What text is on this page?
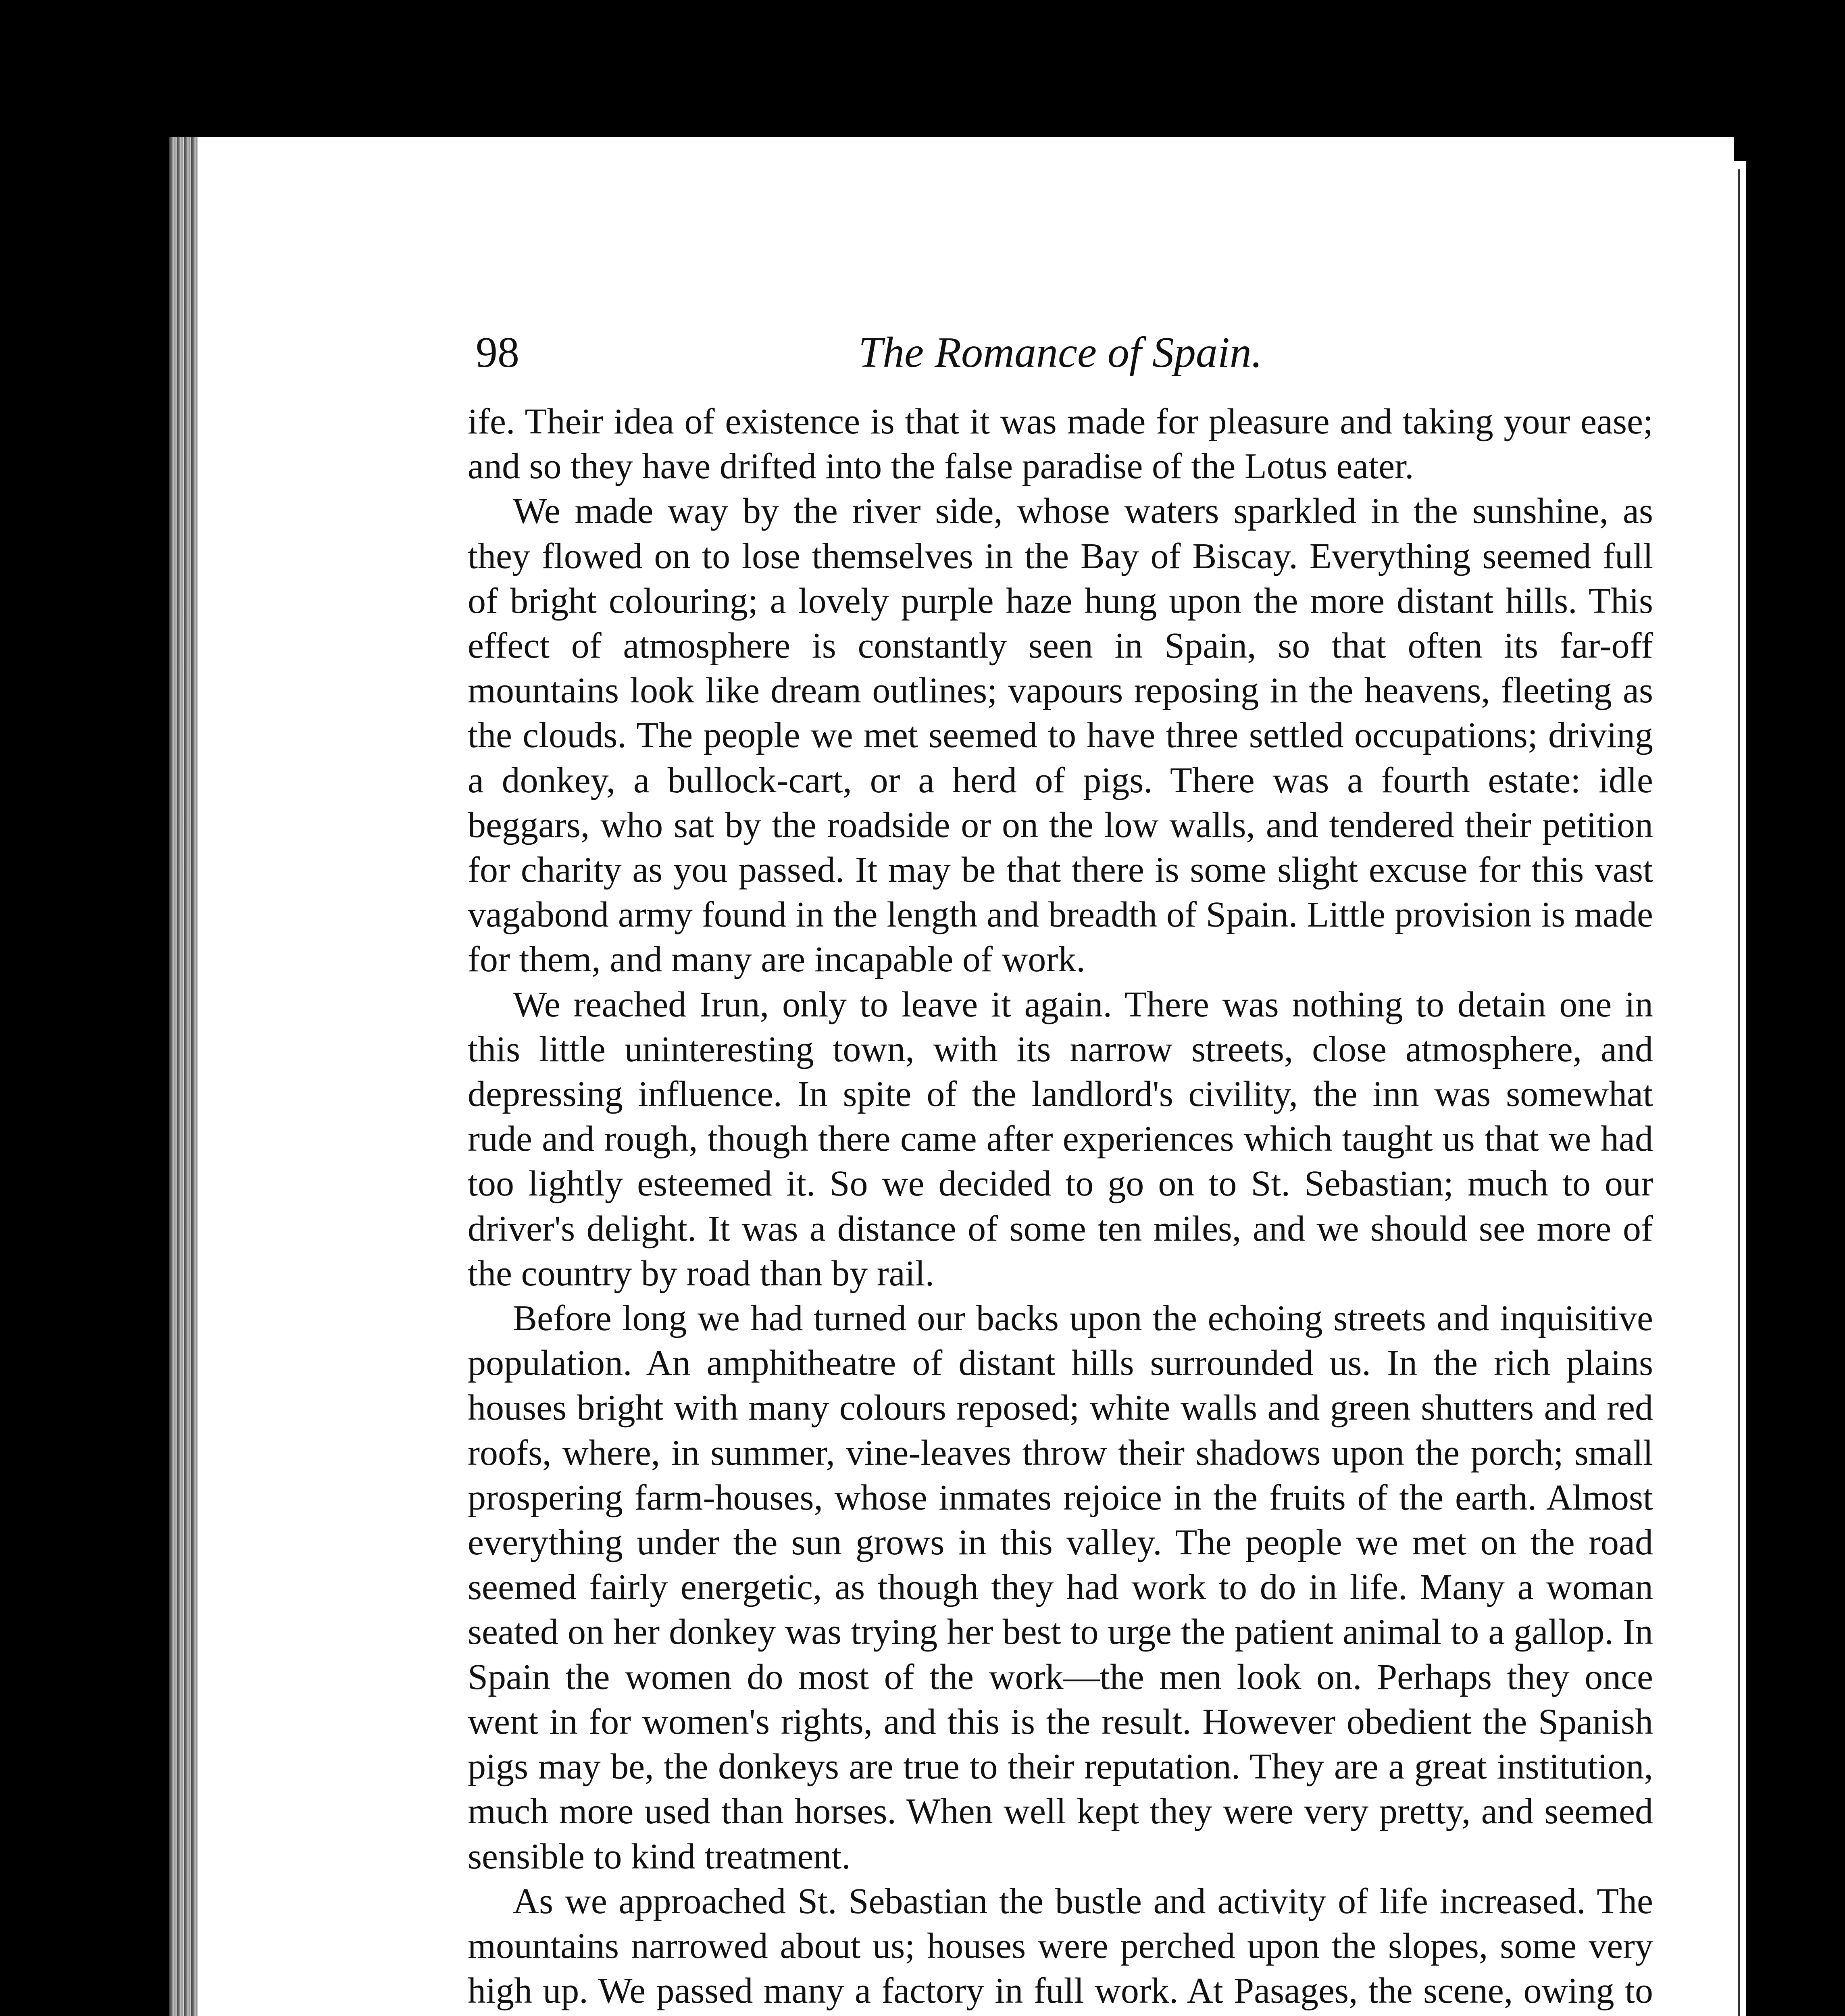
98	The Romance of Spain.

ife. Their idea of existence is that it was made for pleasure and taking your ease; and so they have drifted into the false paradise of the Lotus eater.

We made way by the river side, whose waters sparkled in the sunshine, as they flowed on to lose themselves in the Bay of Biscay. Everything seemed full of bright colouring; a lovely purple haze hung upon the more distant hills. This effect of atmosphere is constantly seen in Spain, so that often its far-off mountains look like dream outlines; vapours reposing in the heavens, fleeting as the clouds. The people we met seemed to have three settled occupations; driving a donkey, a bullock-cart, or a herd of pigs. There was a fourth estate: idle beggars, who sat by the roadside or on the low walls, and tendered their petition for charity as you passed. It may be that there is some slight excuse for this vast vagabond army found in the length and breadth of Spain. Little provision is made for them, and many are incapable of work.

We reached Irun, only to leave it again. There was nothing to detain one in this little uninteresting town, with its narrow streets, close atmosphere, and depressing influence. In spite of the landlord's civility, the inn was somewhat rude and rough, though there came after experiences which taught us that we had too lightly esteemed it. So we decided to go on to St. Sebastian; much to our driver's delight. It was a distance of some ten miles, and we should see more of the country by road than by rail.

Before long we had turned our backs upon the echoing streets and inquisitive population. An amphitheatre of distant hills surrounded us. In the rich plains houses bright with many colours reposed; white walls and green shutters and red roofs, where, in summer, vine-leaves throw their shadows upon the porch; small prospering farm-houses, whose inmates rejoice in the fruits of the earth. Almost everything under the sun grows in this valley. The people we met on the road seemed fairly energetic, as though they had work to do in life. Many a woman seated on her donkey was trying her best to urge the patient animal to a gallop. In Spain the women do most of the work—the men look on. Perhaps they once went in for women's rights, and this is the result. However obedient the Spanish pigs may be, the donkeys are true to their reputation. They are a great institution, much more used than horses. When well kept they were very pretty, and seemed sensible to kind treatment.

As we approached St. Sebastian the bustle and activity of life increased. The mountains narrowed about us; houses were perched upon the slopes, some very high up. We passed many a factory in full work. At Pasages, the scene, owing to
